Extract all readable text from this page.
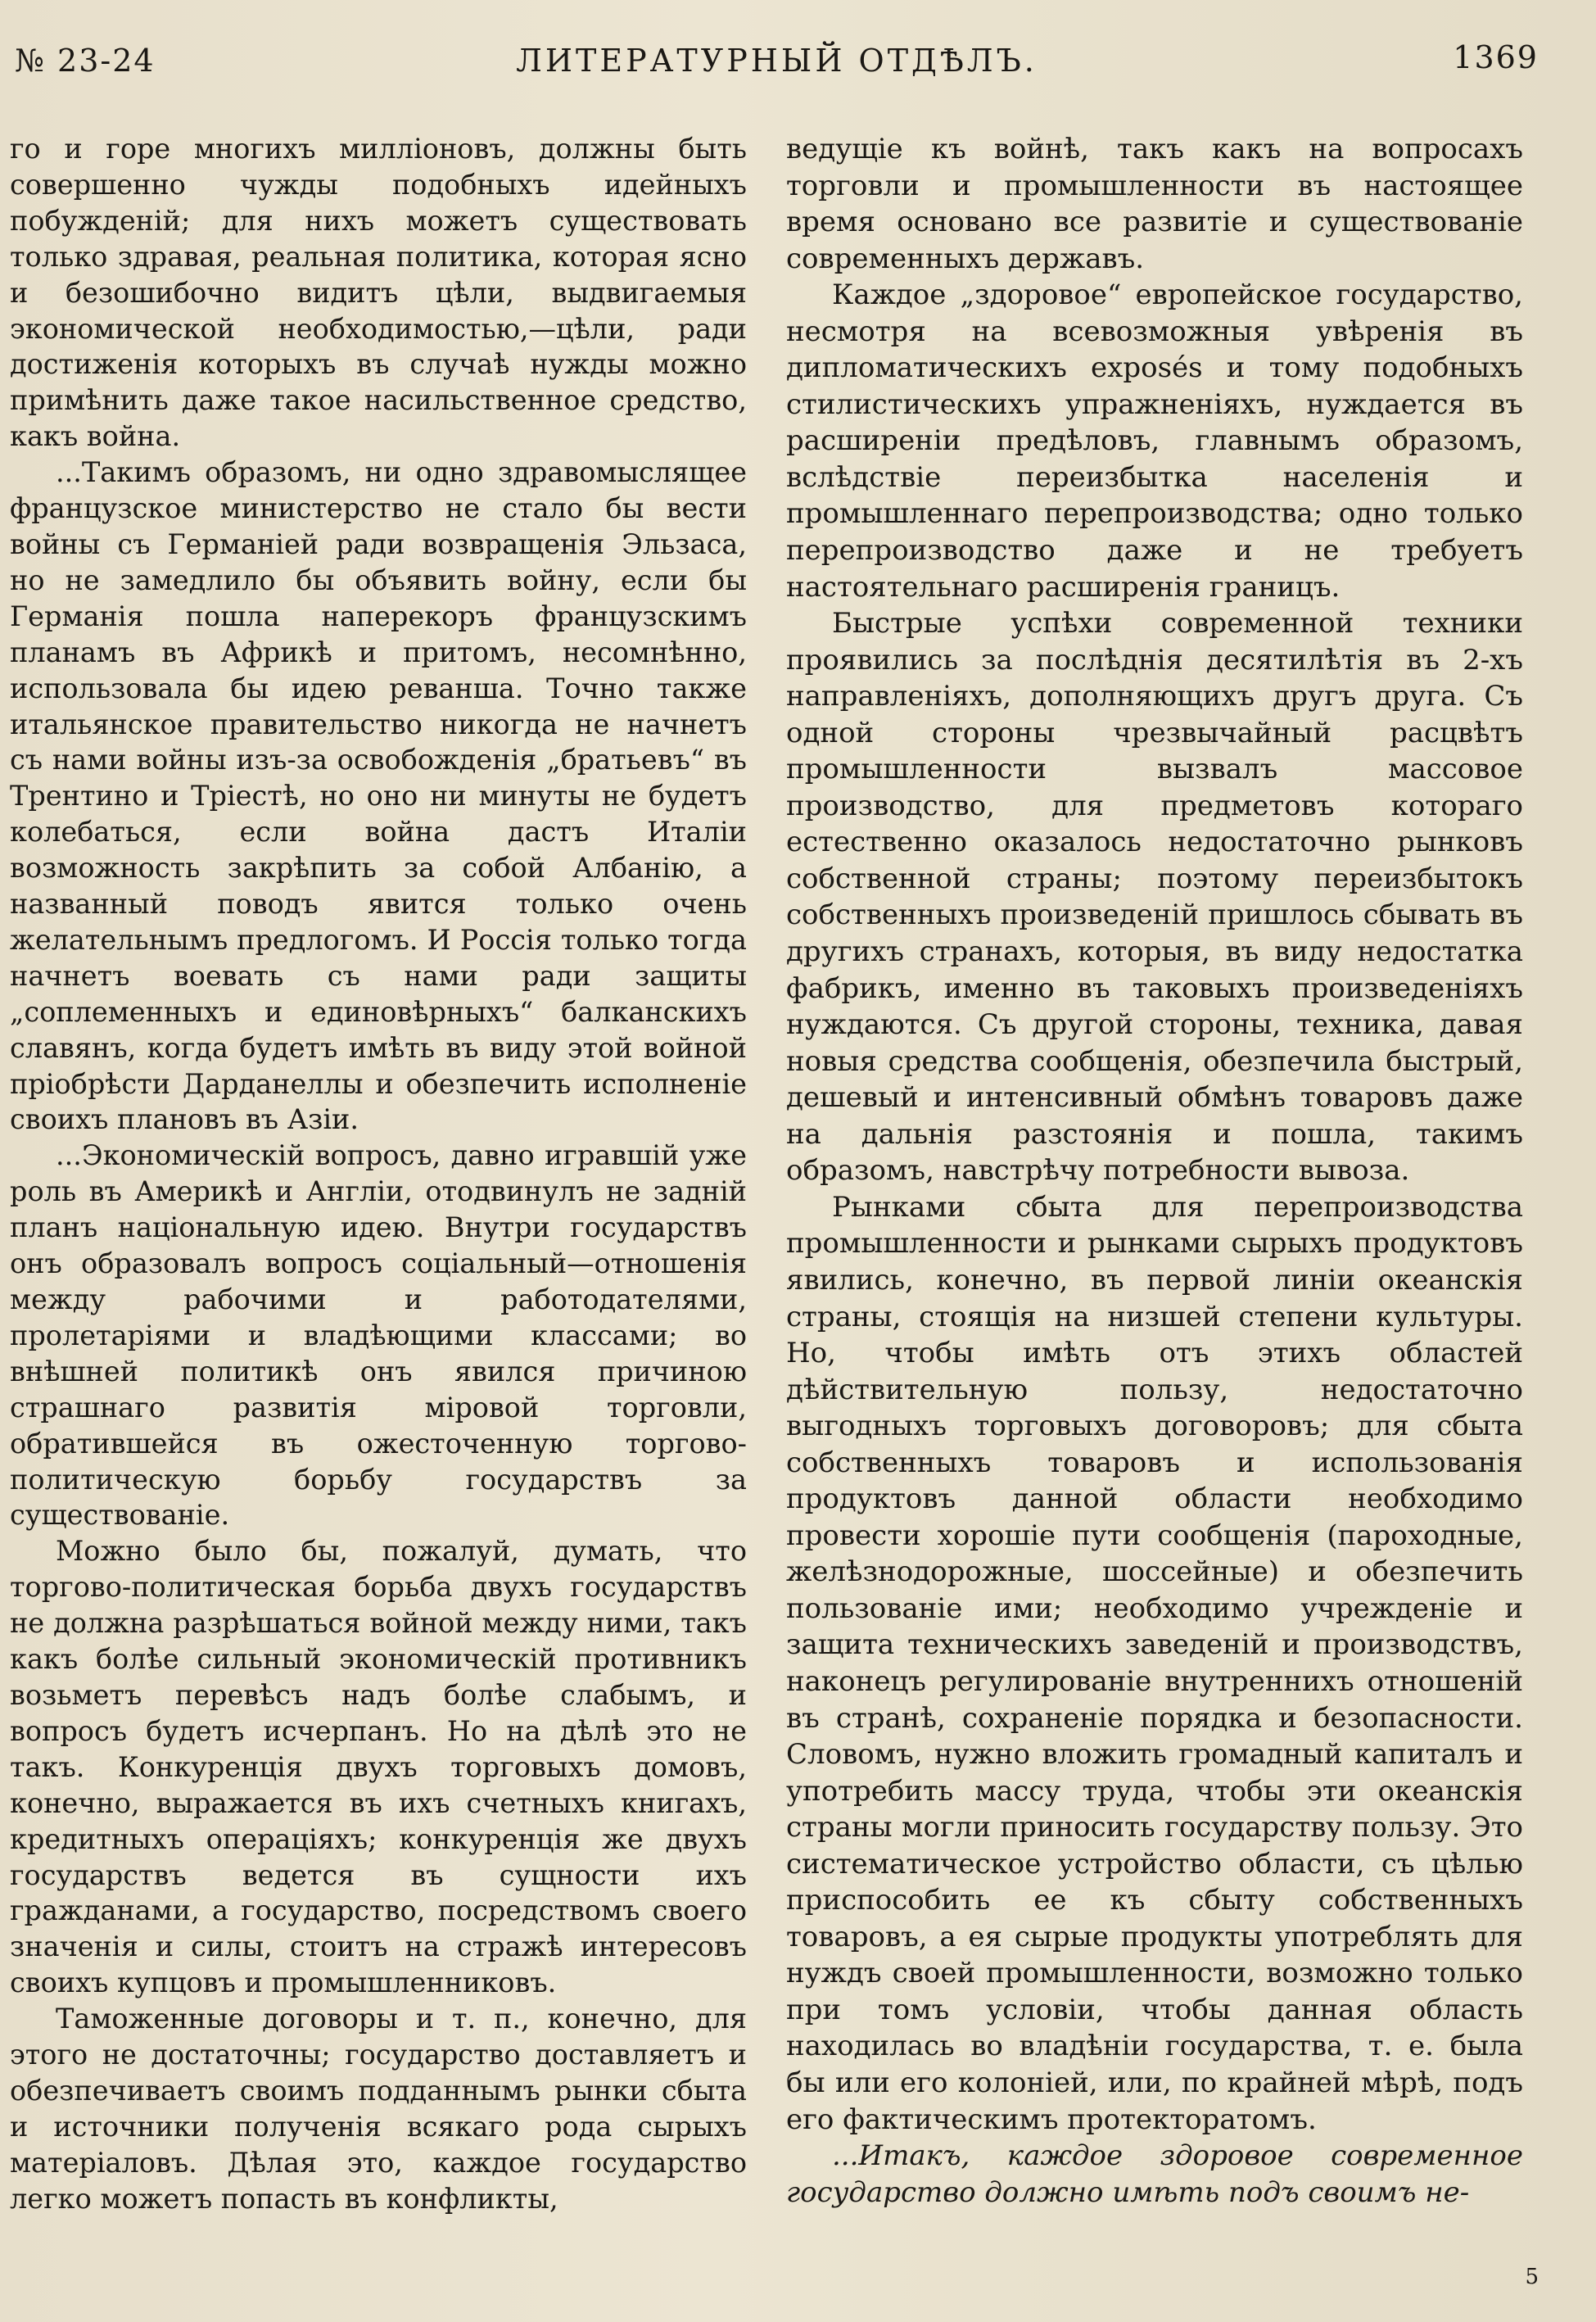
№ 23-24	ЛИТЕРАТУРНЫЙ ОТДѢЛЪ.	1369

го и горе многихъ милліоновъ, должны быть совершенно чужды подобныхъ идейныхъ побужденій; для нихъ можетъ существовать только здравая, реальная политика, которая ясно и безошибочно видитъ цѣли, выдвигаемыя экономической необходимостью,—цѣли, ради достиженія которыхъ въ случаѣ нужды можно примѣнить даже такое насильственное средство, какъ война.

...Такимъ образомъ, ни одно здравомыслящее французское министерство не стало бы вести войны съ Германіей ради возвращенія Эльзаса, но не замедлило бы объявить войну, если бы Германія пошла наперекоръ французскимъ планамъ въ Африкѣ и притомъ, несомнѣнно, использовала бы идею реванша. Точно также итальянское правительство никогда не начнетъ съ нами войны изъ-за освобожденія „братьевъ“ въ Трентино и Тріестѣ, но оно ни минуты не будетъ колебаться, если война дастъ Италіи возможность закрѣпить за собой Албанію, а названный поводъ явится только очень желательнымъ предлогомъ. И Россія только тогда начнетъ воевать съ нами ради защиты „соплеменныхъ и единовѣрныхъ“ балканскихъ славянъ, когда будетъ имѣть въ виду этой войной пріобрѣсти Дарданеллы и обезпечить исполненіе своихъ плановъ въ Азіи.

...Экономическій вопросъ, давно игравшій уже роль въ Америкѣ и Англіи, отодвинулъ не задній планъ національную идею. Внутри государствъ онъ образовалъ вопросъ соціальный—отношенія между рабочими и работодателями, пролетаріями и владѣющими классами; во внѣшней политикѣ онъ явился причиною страшнаго развитія міровой торговли, обратившейся въ ожесточенную торгово-политическую борьбу государствъ за существованіе.

Можно было бы, пожалуй, думать, что торгово-политическая борьба двухъ государствъ не должна разрѣшаться войной между ними, такъ какъ болѣе сильный экономическій противникъ возьметъ перевѣсъ надъ болѣе слабымъ, и вопросъ будетъ исчерпанъ. Но на дѣлѣ это не такъ. Конкуренція двухъ торговыхъ домовъ, конечно, выражается въ ихъ счетныхъ книгахъ, кредитныхъ операціяхъ; конкуренція же двухъ государствъ ведется въ сущности ихъ гражданами, а государство, посредствомъ своего значенія и силы, стоитъ на стражѣ интересовъ своихъ купцовъ и промышленниковъ.

Таможенные договоры и т. п., конечно, для этого не достаточны; государство доставляетъ и обезпечиваетъ своимъ подданнымъ рынки сбыта и источники полученія всякаго рода сырыхъ матеріаловъ. Дѣлая это, каждое государство легко можетъ попасть въ конфликты,

ведущіе къ войнѣ, такъ какъ на вопросахъ торговли и промышленности въ настоящее время основано все развитіе и существованіе современныхъ державъ.

Каждое „здоровое“ европейское государство, несмотря на всевозможныя увѣренія въ дипломатическихъ exposés и тому подобныхъ стилистическихъ упражненіяхъ, нуждается въ расширеніи предѣловъ, главнымъ образомъ, вслѣдствіе переизбытка населенія и промышленнаго перепроизводства; одно только перепроизводство даже и не требуетъ настоятельнаго расширенія границъ.

Быстрые успѣхи современной техники проявились за послѣднія десятилѣтія въ 2-хъ направленіяхъ, дополняющихъ другъ друга. Съ одной стороны чрезвычайный расцвѣтъ промышленности вызвалъ массовое производство, для предметовъ котораго естественно оказалось недостаточно рынковъ собственной страны; поэтому переизбытокъ собственныхъ произведеній пришлось сбывать въ другихъ странахъ, которыя, въ виду недостатка фабрикъ, именно въ таковыхъ произведеніяхъ нуждаются. Съ другой стороны, техника, давая новыя средства сообщенія, обезпечила быстрый, дешевый и интенсивный обмѣнъ товаровъ даже на дальнія разстоянія и пошла, такимъ образомъ, навстрѣчу потребности вывоза.

Рынками сбыта для перепроизводства промышленности и рынками сырыхъ продуктовъ явились, конечно, въ первой линіи океанскія страны, стоящія на низшей степени культуры. Но, чтобы имѣть отъ этихъ областей дѣйствительную пользу, недостаточно выгодныхъ торговыхъ договоровъ; для сбыта собственныхъ товаровъ и использованія продуктовъ данной области необходимо провести хорошіе пути сообщенія (пароходные, желѣзнодорожные, шоссейные) и обезпечить пользованіе ими; необходимо учрежденіе и защита техническихъ заведеній и производствъ, наконецъ регулированіе внутреннихъ отношеній въ странѣ, сохраненіе порядка и безопасности. Словомъ, нужно вложить громадный капиталъ и употребить массу труда, чтобы эти океанскія страны могли приносить государству пользу. Это систематическое устройство области, съ цѣлью приспособить ее къ сбыту собственныхъ товаровъ, а ея сырые продукты употреблять для нуждъ своей промышленности, возможно только при томъ условіи, чтобы данная область находилась во владѣніи государства, т. е. была бы или его колоніей, или, по крайней мѣрѣ, подъ его фактическимъ протекторатомъ.

...Итакъ, каждое здоровое современное государство должно имѣть подъ своимъ не-

5
